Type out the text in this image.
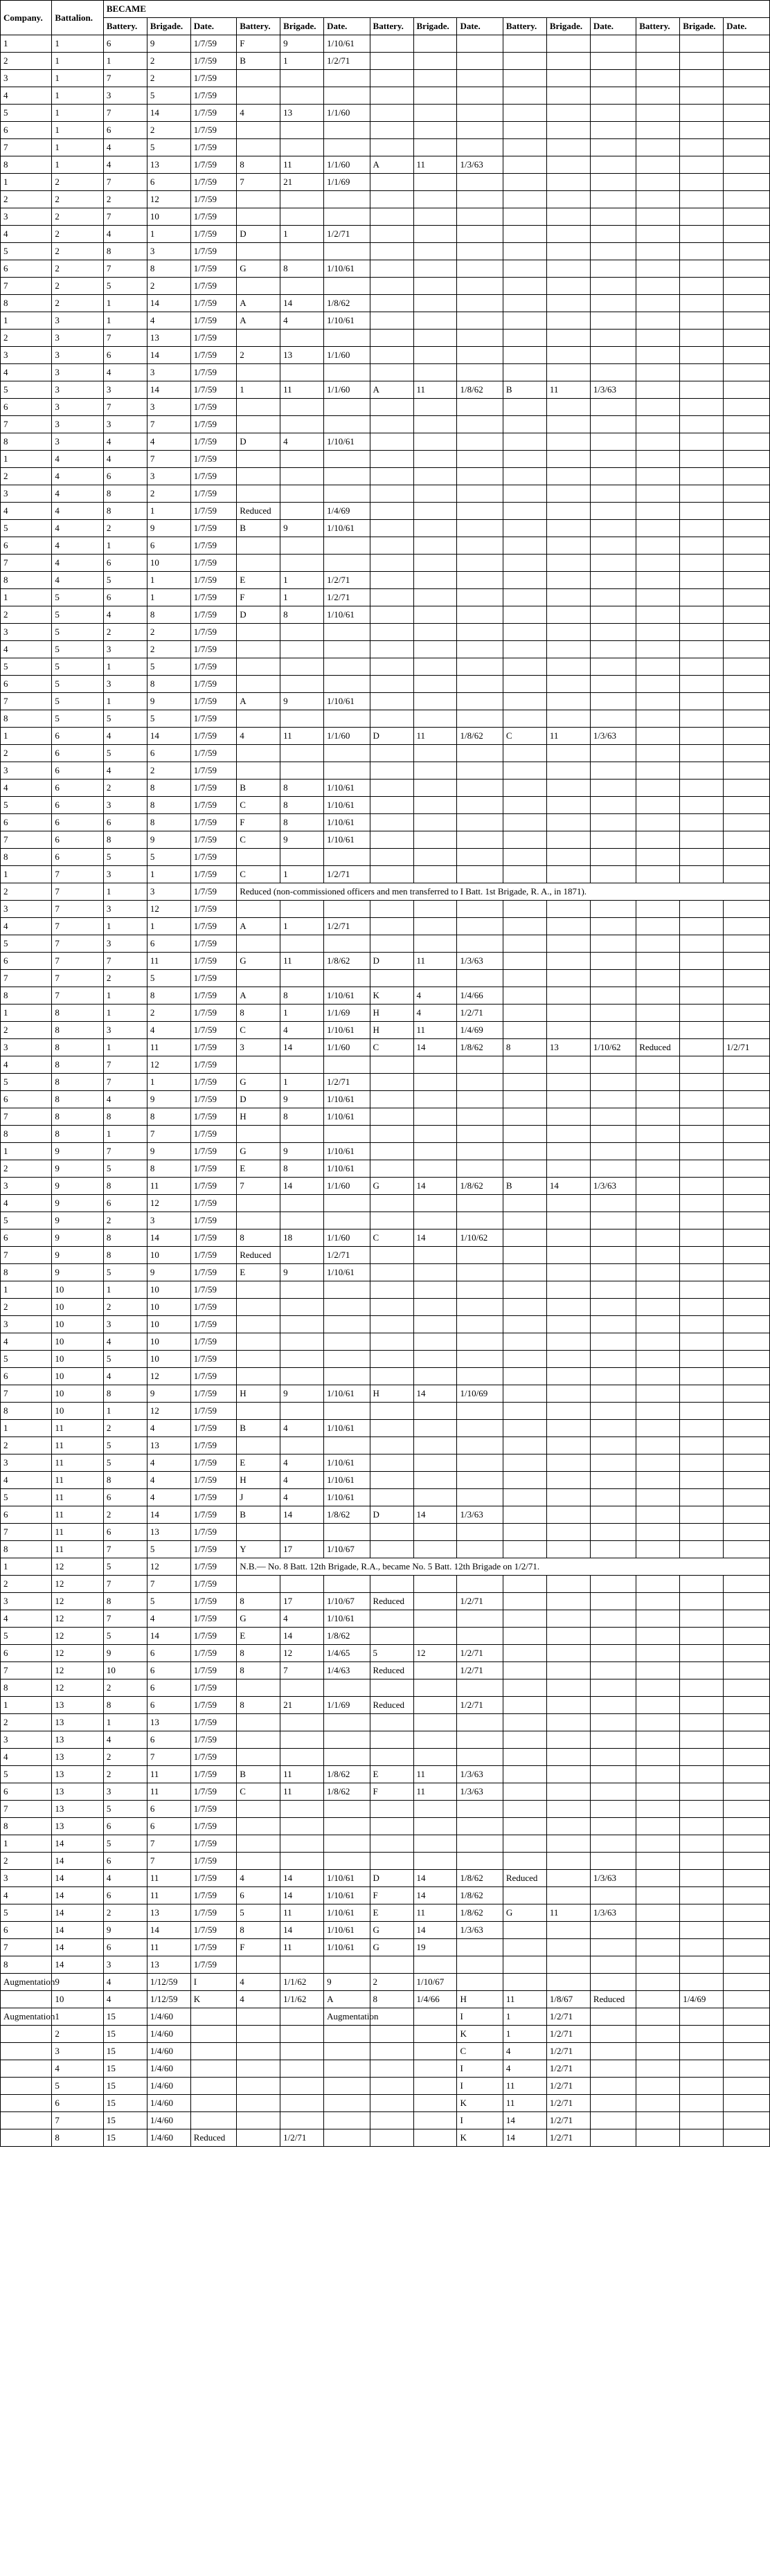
Company.	Battalion.	BECAME														
		Battery.	Brigade.	Date.	Battery.	Brigade.	Date.	Battery.	Brigade.	Date.	Battery.	Brigade.	Date.	Battery.	Brigade.	Date.
1	1	6	9	1/7/59	F	9	1/10/61									
2	1	1	2	1/7/59	B	1	1/2/71									
3	1	7	2	1/7/59												
4	1	3	5	1/7/59												
5	1	7	14	1/7/59	4	13	1/1/60									
6	1	6	2	1/7/59												
7	1	4	5	1/7/59												
8	1	4	13	1/7/59	8	11	1/1/60	A	11	1/3/63						
1	2	7	6	1/7/59	7	21	1/1/69									
2	2	2	12	1/7/59												
3	2	7	10	1/7/59												
4	2	4	1	1/7/59	D	1	1/2/71									
5	2	8	3	1/7/59												
6	2	7	8	1/7/59	G	8	1/10/61									
7	2	5	2	1/7/59												
8	2	1	14	1/7/59	A	14	1/8/62									
1	3	1	4	1/7/59	A	4	1/10/61									
2	3	7	13	1/7/59												
3	3	6	14	1/7/59	2	13	1/1/60									
4	3	4	3	1/7/59												
5	3	3	14	1/7/59	1	11	1/1/60	A	11	1/8/62	B	11	1/3/63			
6	3	7	3	1/7/59												
7	3	3	7	1/7/59												
8	3	4	4	1/7/59	D	4	1/10/61									
1	4	4	7	1/7/59												
2	4	6	3	1/7/59												
3	4	8	2	1/7/59												
4	4	8	1	1/7/59	Reduced		1/4/69									
5	4	2	9	1/7/59	B	9	1/10/61									
6	4	1	6	1/7/59												
7	4	6	10	1/7/59												
8	4	5	1	1/7/59	E	1	1/2/71									
1	5	6	1	1/7/59	F	1	1/2/71									
2	5	4	8	1/7/59	D	8	1/10/61									
3	5	2	2	1/7/59												
4	5	3	2	1/7/59												
5	5	1	5	1/7/59												
6	5	3	8	1/7/59												
7	5	1	9	1/7/59	A	9	1/10/61									
8	5	5	5	1/7/59												
1	6	4	14	1/7/59	4	11	1/1/60	D	11	1/8/62	C	11	1/3/63			
2	6	5	6	1/7/59												
3	6	4	2	1/7/59												
4	6	2	8	1/7/59	B	8	1/10/61									
5	6	3	8	1/7/59	C	8	1/10/61									
6	6	6	8	1/7/59	F	8	1/10/61									
7	6	8	9	1/7/59	C	9	1/10/61									
8	6	5	5	1/7/59												
1	7	3	1	1/7/59	C	1	1/2/71									
2	7	1	3	1/7/59	Reduced (non-commissioned officers and men transferred to I Batt. 1st Brigade, R. A., in 1871).											
3	7	3	12	1/7/59												
4	7	1	1	1/7/59	A	1	1/2/71									
5	7	3	6	1/7/59												
6	7	7	11	1/7/59	G	11	1/8/62	D	11	1/3/63						
7	7	2	5	1/7/59												
8	7	1	8	1/7/59	A	8	1/10/61	K	4	1/4/66						
1	8	1	2	1/7/59	8	1	1/1/69	H	4	1/2/71						
2	8	3	4	1/7/59	C	4	1/10/61	H	11	1/4/69						
3	8	1	11	1/7/59	3	14	1/1/60	C	14	1/8/62	8	13	1/10/62	Reduced		1/2/71
4	8	7	12	1/7/59												
5	8	7	1	1/7/59	G	1	1/2/71									
6	8	4	9	1/7/59	D	9	1/10/61									
7	8	8	8	1/7/59	H	8	1/10/61									
8	8	1	7	1/7/59												
1	9	7	9	1/7/59	G	9	1/10/61									
2	9	5	8	1/7/59	E	8	1/10/61									
3	9	8	11	1/7/59	7	14	1/1/60	G	14	1/8/62	B	14	1/3/63			
4	9	6	12	1/7/59												
5	9	2	3	1/7/59												
6	9	8	14	1/7/59	8	18	1/1/60	C	14	1/10/62						
7	9	8	10	1/7/59	Reduced		1/2/71									
8	9	5	9	1/7/59	E	9	1/10/61									
1	10	1	10	1/7/59												
2	10	2	10	1/7/59												
3	10	3	10	1/7/59												
4	10	4	10	1/7/59												
5	10	5	10	1/7/59												
6	10	4	12	1/7/59												
7	10	8	9	1/7/59	H	9	1/10/61	H	14	1/10/69						
8	10	1	12	1/7/59												
1	11	2	4	1/7/59	B	4	1/10/61									
2	11	5	13	1/7/59												
3	11	5	4	1/7/59	E	4	1/10/61									
4	11	8	4	1/7/59	H	4	1/10/61									
5	11	6	4	1/7/59	J	4	1/10/61									
6	11	2	14	1/7/59	B	14	1/8/62	D	14	1/3/63						
7	11	6	13	1/7/59												
8	11	7	5	1/7/59	Y	17	1/10/67									
1	12	5	12	1/7/59	N.B.— No. 8 Batt. 12th Brigade, R.A., became No. 5 Batt. 12th Brigade on 1/2/71.											
2	12	7	7	1/7/59												
3	12	8	5	1/7/59	8	17	1/10/67	Reduced		1/2/71						
4	12	7	4	1/7/59	G	4	1/10/61									
5	12	5	14	1/7/59	E	14	1/8/62									
6	12	9	6	1/7/59	8	12	1/4/65	5	12	1/2/71						
7	12	10	6	1/7/59	8	7	1/4/63	Reduced		1/2/71						
8	12	2	6	1/7/59												
1	13	8	6	1/7/59	8	21	1/1/69	Reduced		1/2/71						
2	13	1	13	1/7/59												
3	13	4	6	1/7/59												
4	13	2	7	1/7/59												
5	13	2	11	1/7/59	B	11	1/8/62	E	11	1/3/63						
6	13	3	11	1/7/59	C	11	1/8/62	F	11	1/3/63						
7	13	5	6	1/7/59												
8	13	6	6	1/7/59												
1	14	5	7	1/7/59												
2	14	6	7	1/7/59												
3	14	4	11	1/7/59	4	14	1/10/61	D	14	1/8/62	Reduced		1/3/63			
4	14	6	11	1/7/59	6	14	1/10/61	F	14	1/8/62						
5	14	2	13	1/7/59	5	11	1/10/61	E	11	1/8/62	G	11	1/3/63			
6	14	9	14	1/7/59	8	14	1/10/61	G	14	1/3/63						
7	14	6	11	1/7/59	F	11	1/10/61	G	19							
8	14	3	13	1/7/59												
Augmentation	9	4	1/12/59	I	4	1/1/62	9	2	1/10/67							
	10	4	1/12/59	K	4	1/1/62	A	8	1/4/66	H	11	1/8/67	Reduced		1/4/69	
Augmentation	1	15	1/4/60				Augmentation			I	1	1/2/71				
	2	15	1/4/60							K	1	1/2/71				
	3	15	1/4/60							C	4	1/2/71				
	4	15	1/4/60							I	4	1/2/71				
	5	15	1/4/60							I	11	1/2/71				
	6	15	1/4/60							K	11	1/2/71				
	7	15	1/4/60							I	14	1/2/71				
	8	15	1/4/60	Reduced		1/2/71				K	14	1/2/71				
